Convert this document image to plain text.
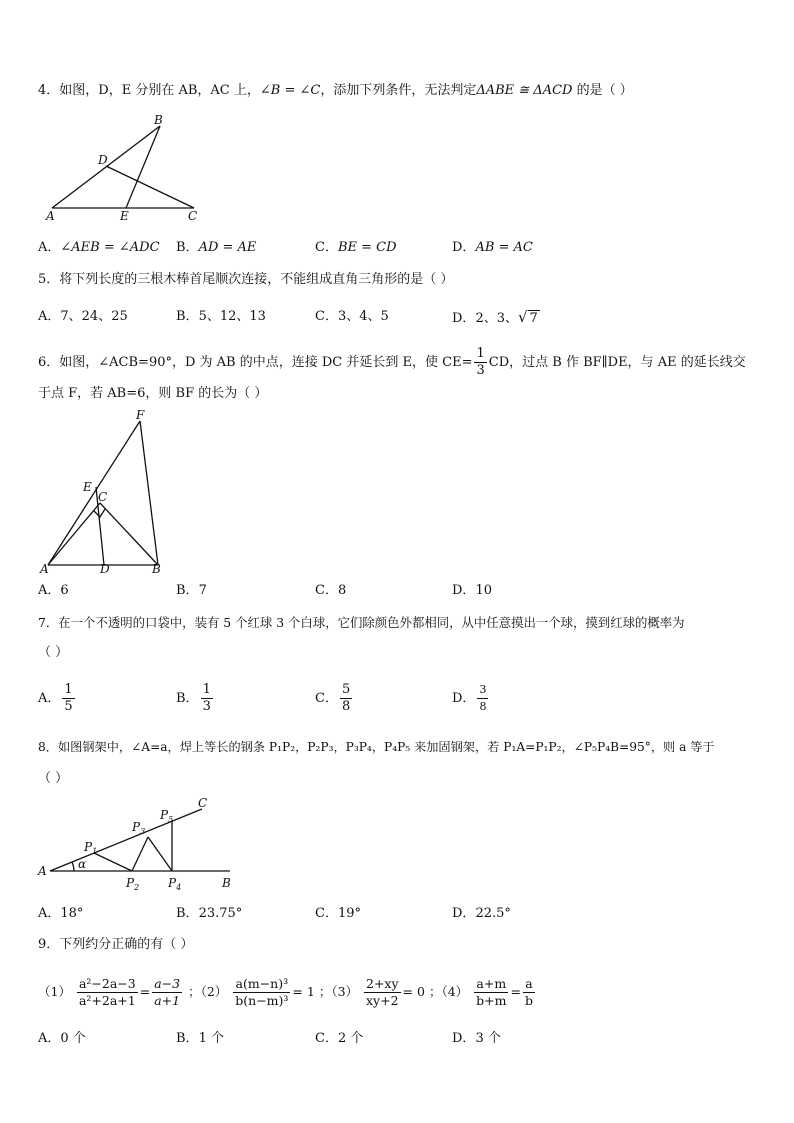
4．如图，D，E 分别在 AB，AC 上，∠B = ∠C，添加下列条件，无法判定ΔABE ≅ ΔACD 的是（ ）
A
B
C
D
E
A．∠AEB = ∠ADC B．AD = AE	C．BE = CD	D．AB = AC
5．将下列长度的三根木棒首尾顺次连接，不能组成直角三角形的是（ ）
A．7、24、25	B．5、12、13	C．3、4、5	D．2、3、√ 7
6．如图，∠ACB=90°，D 为 AB 的中点，连接 DC 并延长到 E，使 $CE= \frac{1}{3}$ CD，过点 B 作 BF∥DE，与 AE 的延长线交
于点 F，若 AB=6，则 BF 的长为（ ）
A	B
C
D
E
F
A．6	B．7	C．8	D．10
7．在一个不透明的口袋中，装有 5 个红球 3 个白球，它们除颜色外都相同，从中任意摸出一个球，摸到红球的概率为
（ ）
A． $\frac{1}{5}$	B． $\frac{1}{3}$	C． $\frac{5}{8}$	D． $\frac{3}{8}$
8．如图钢架中，∠A=a，焊上等长的钢条 P₁P₂，P₂P₃，P₃P₄，P₄P₅ 来加固钢架，若 P₁A=P₁P₂，∠P₅P₄B=95°，则 a 等于
（ ）
A
B
C
α
$P_1$
$P_2$
$P_3$
$P_4$
$P_5$
A．18°	B．23.75°	C．19°	D．22.5°
9．下列约分正确的有（ ）
$(1) \frac{\text{a²−2a−3}}{\text{a²+2a+1}} = \frac{a-3}{a+1}$ ；$(2) \frac{\text{a(m−n)³}}{\text{b(n−m)³}} = 1$ ；$(3) \frac{2+xy}{xy+2} = 0$ ；$(4) \frac{a+m}{b+m} = \frac{a}{b}$
A．0 个	B．1 个	C．2 个	D．3 个
